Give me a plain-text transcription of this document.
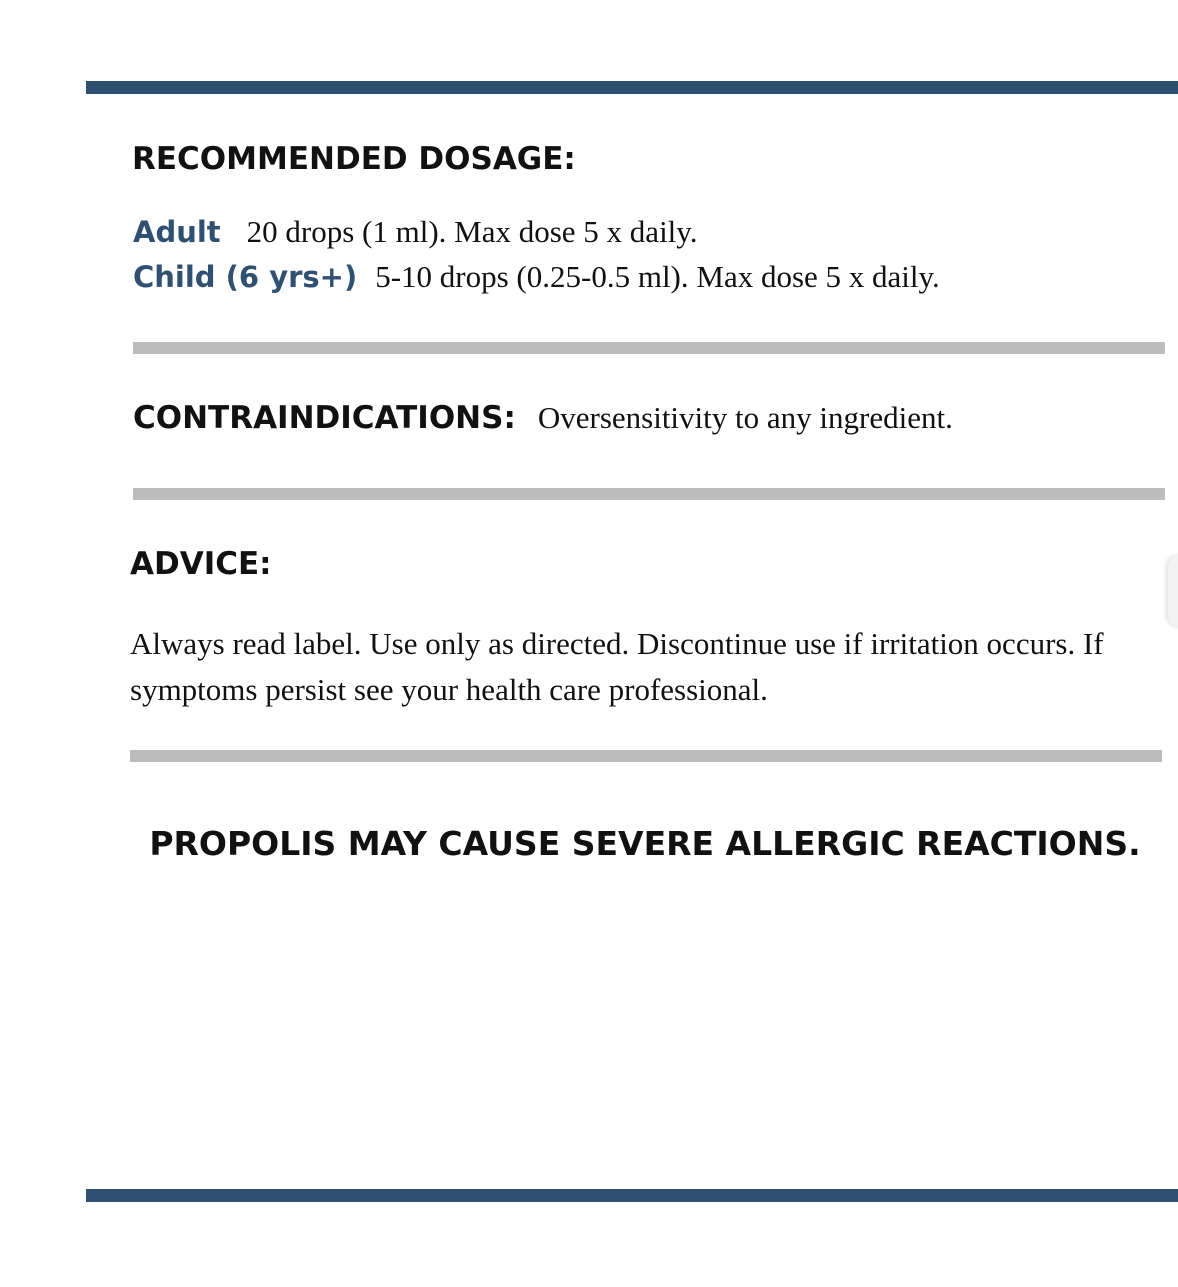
RECOMMENDED DOSAGE:
Adult 20 drops (1 ml). Max dose 5 x daily.
Child (6 yrs+) 5-10 drops (0.25-0.5 ml). Max dose 5 x daily.
CONTRAINDICATIONS: Oversensitivity to any ingredient.
ADVICE:

Always read label. Use only as directed. Discontinue use if irritation occurs. If symptoms persist see your health care professional.

PROPOLIS MAY CAUSE SEVERE ALLERGIC REACTIONS.
